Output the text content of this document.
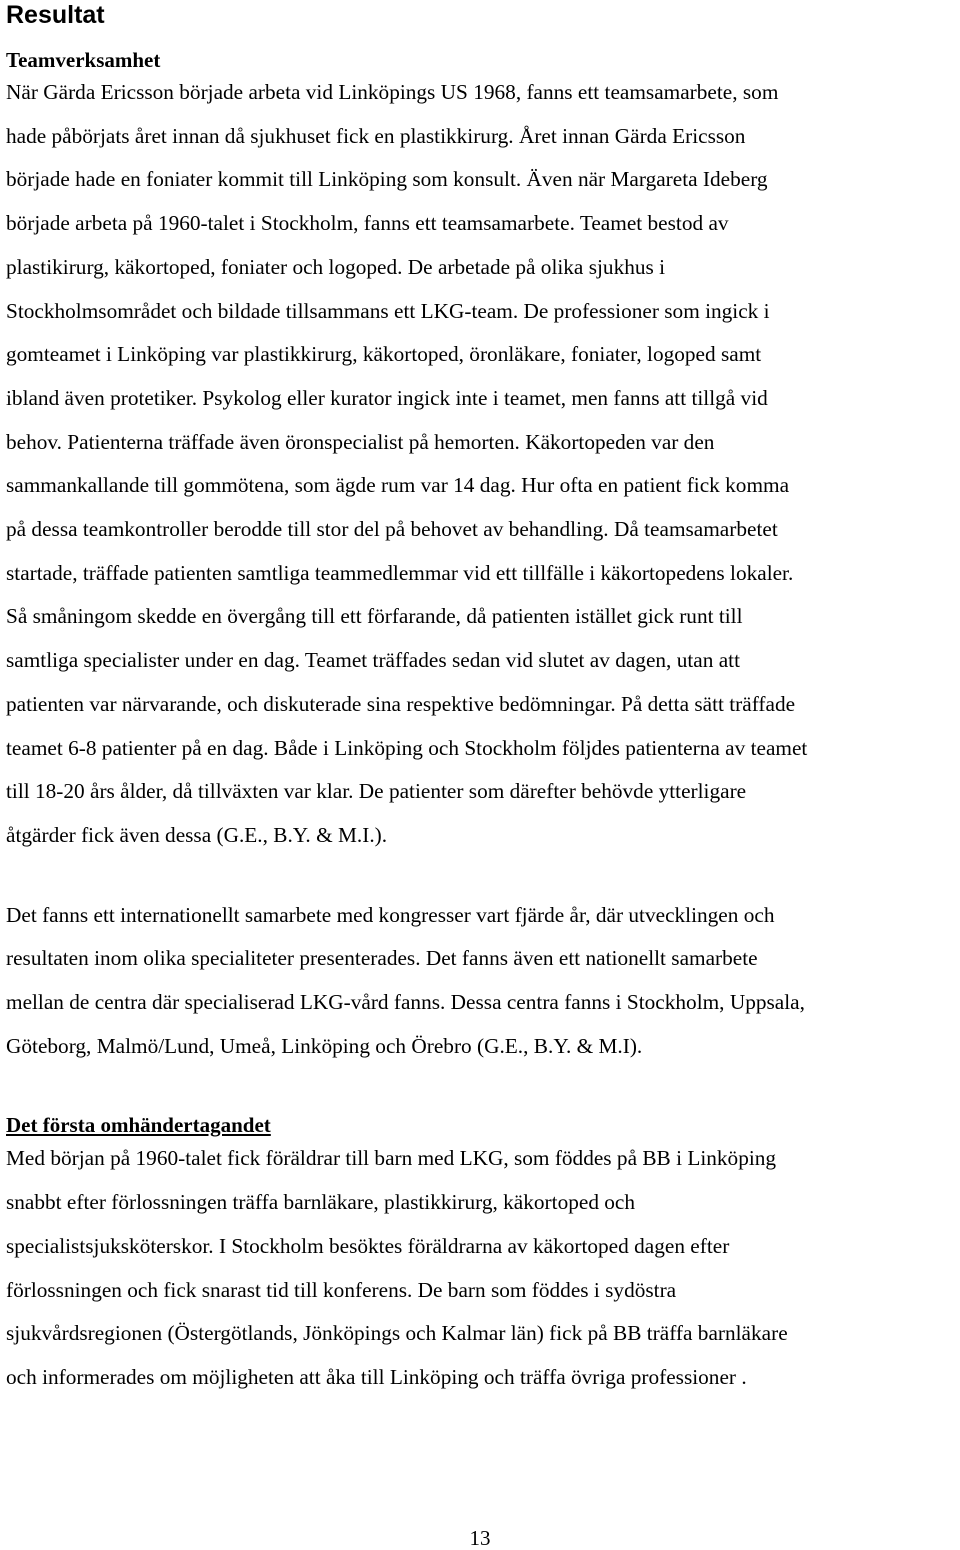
Resultat
Teamverksamhet

När Gärda Ericsson började arbeta vid Linköpings US 1968, fanns ett teamsamarbete, som
hade påbörjats året innan då sjukhuset fick en plastikkirurg. Året innan Gärda Ericsson
började hade en foniater kommit till Linköping som konsult. Även när Margareta Ideberg
började arbeta på 1960-talet i Stockholm, fanns ett teamsamarbete. Teamet bestod av
plastikirurg, käkortoped, foniater och logoped. De arbetade på olika sjukhus i
Stockholmsområdet och bildade tillsammans ett LKG-team. De professioner som ingick i
gomteamet i Linköping var plastikkirurg, käkortoped, öronläkare, foniater, logoped samt
ibland även protetiker. Psykolog eller kurator ingick inte i teamet, men fanns att tillgå vid
behov. Patienterna träffade även öronspecialist på hemorten. Käkortopeden var den
sammankallande till gommötena, som ägde rum var 14 dag. Hur ofta en patient fick komma
på dessa teamkontroller berodde till stor del på behovet av behandling. Då teamsamarbetet
startade, träffade patienten samtliga teammedlemmar vid ett tillfälle i käkortopedens lokaler.
Så småningom skedde en övergång till ett förfarande, då patienten istället gick runt till
samtliga specialister under en dag. Teamet träffades sedan vid slutet av dagen, utan att
patienten var närvarande, och diskuterade sina respektive bedömningar. På detta sätt träffade
teamet 6-8 patienter på en dag. Både i Linköping och Stockholm följdes patienterna av teamet
till 18-20 års ålder, då tillväxten var klar. De patienter som därefter behövde ytterligare
åtgärder fick även dessa (G.E., B.Y. & M.I.).

Det fanns ett internationellt samarbete med kongresser vart fjärde år, där utvecklingen och
resultaten inom olika specialiteter presenterades. Det fanns även ett nationellt samarbete
mellan de centra där specialiserad LKG-vård fanns. Dessa centra fanns i Stockholm, Uppsala,
Göteborg, Malmö/Lund, Umeå, Linköping och Örebro (G.E., B.Y. & M.I).

Det första omhändertagandet

Med början på 1960-talet fick föräldrar till barn med LKG, som föddes på BB i Linköping
snabbt efter förlossningen träffa barnläkare, plastikkirurg, käkortoped och
specialistsjuksköterskor. I Stockholm besöktes föräldrarna av käkortoped dagen efter
förlossningen och fick snarast tid till konferens. De barn som föddes i sydöstra
sjukvårdsregionen (Östergötlands, Jönköpings och Kalmar län) fick på BB träffa barnläkare
och informerades om möjligheten att åka till Linköping och träffa övriga professioner .

13
